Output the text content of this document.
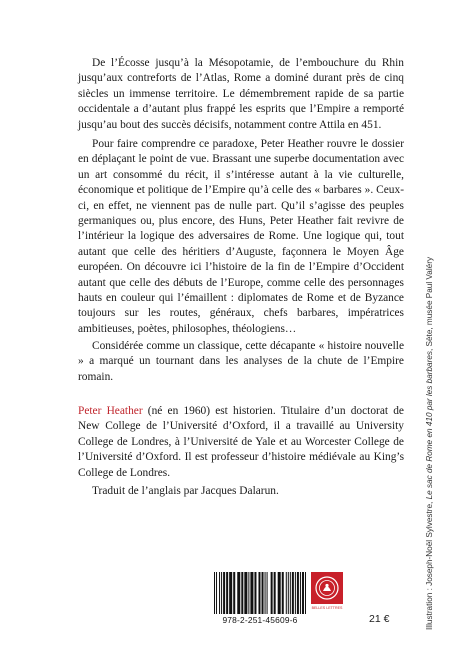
De l’Écosse jusqu’à la Mésopotamie, de l’embouchure du Rhin jusqu’aux contreforts de l’Atlas, Rome a dominé durant près de cinq siècles un immense territoire. Le démembrement rapide de sa partie occidentale a d’autant plus frappé les esprits que l’Empire a remporté jusqu’au bout des succès décisifs, notamment contre Attila en 451.

Pour faire comprendre ce paradoxe, Peter Heather rouvre le dossier en déplaçant le point de vue. Brassant une superbe documentation avec un art consommé du récit, il s’intéresse autant à la vie culturelle, économique et politique de l’Empire qu’à celle des « barbares ». Ceux-ci, en effet, ne viennent pas de nulle part. Qu’il s’agisse des peuples germaniques ou, plus encore, des Huns, Peter Heather fait revivre de l’intérieur la logique des adversaires de Rome. Une logique qui, tout autant que celle des héritiers d’Auguste, façonnera le Moyen Âge européen. On découvre ici l’histoire de la fin de l’Empire d’Occident autant que celle des débuts de l’Europe, comme celle des personnages hauts en couleur qui l’émaillent : diplomates de Rome et de Byzance toujours sur les routes, généraux, chefs barbares, impératrices ambitieuses, poètes, philosophes, théologiens…

Considérée comme un classique, cette décapante « histoire nouvelle » a marqué un tournant dans les analyses de la chute de l’Empire romain.

Peter Heather (né en 1960) est historien. Titulaire d’un doctorat de New College de l’Université d’Oxford, il a travaillé au University College de Londres, à l’Université de Yale et au Worcester College de l’Université d’Oxford. Il est professeur d’histoire médiévale au King’s College de Londres.

Traduit de l’anglais par Jacques Dalarun.

Illustration : Joseph-Noël Sylvestre, Le sac de Rome en 410 par les barbares, Sète, musée Paul Valéry
978-2-251-45609-6
BELLES LETTRES
21 €
